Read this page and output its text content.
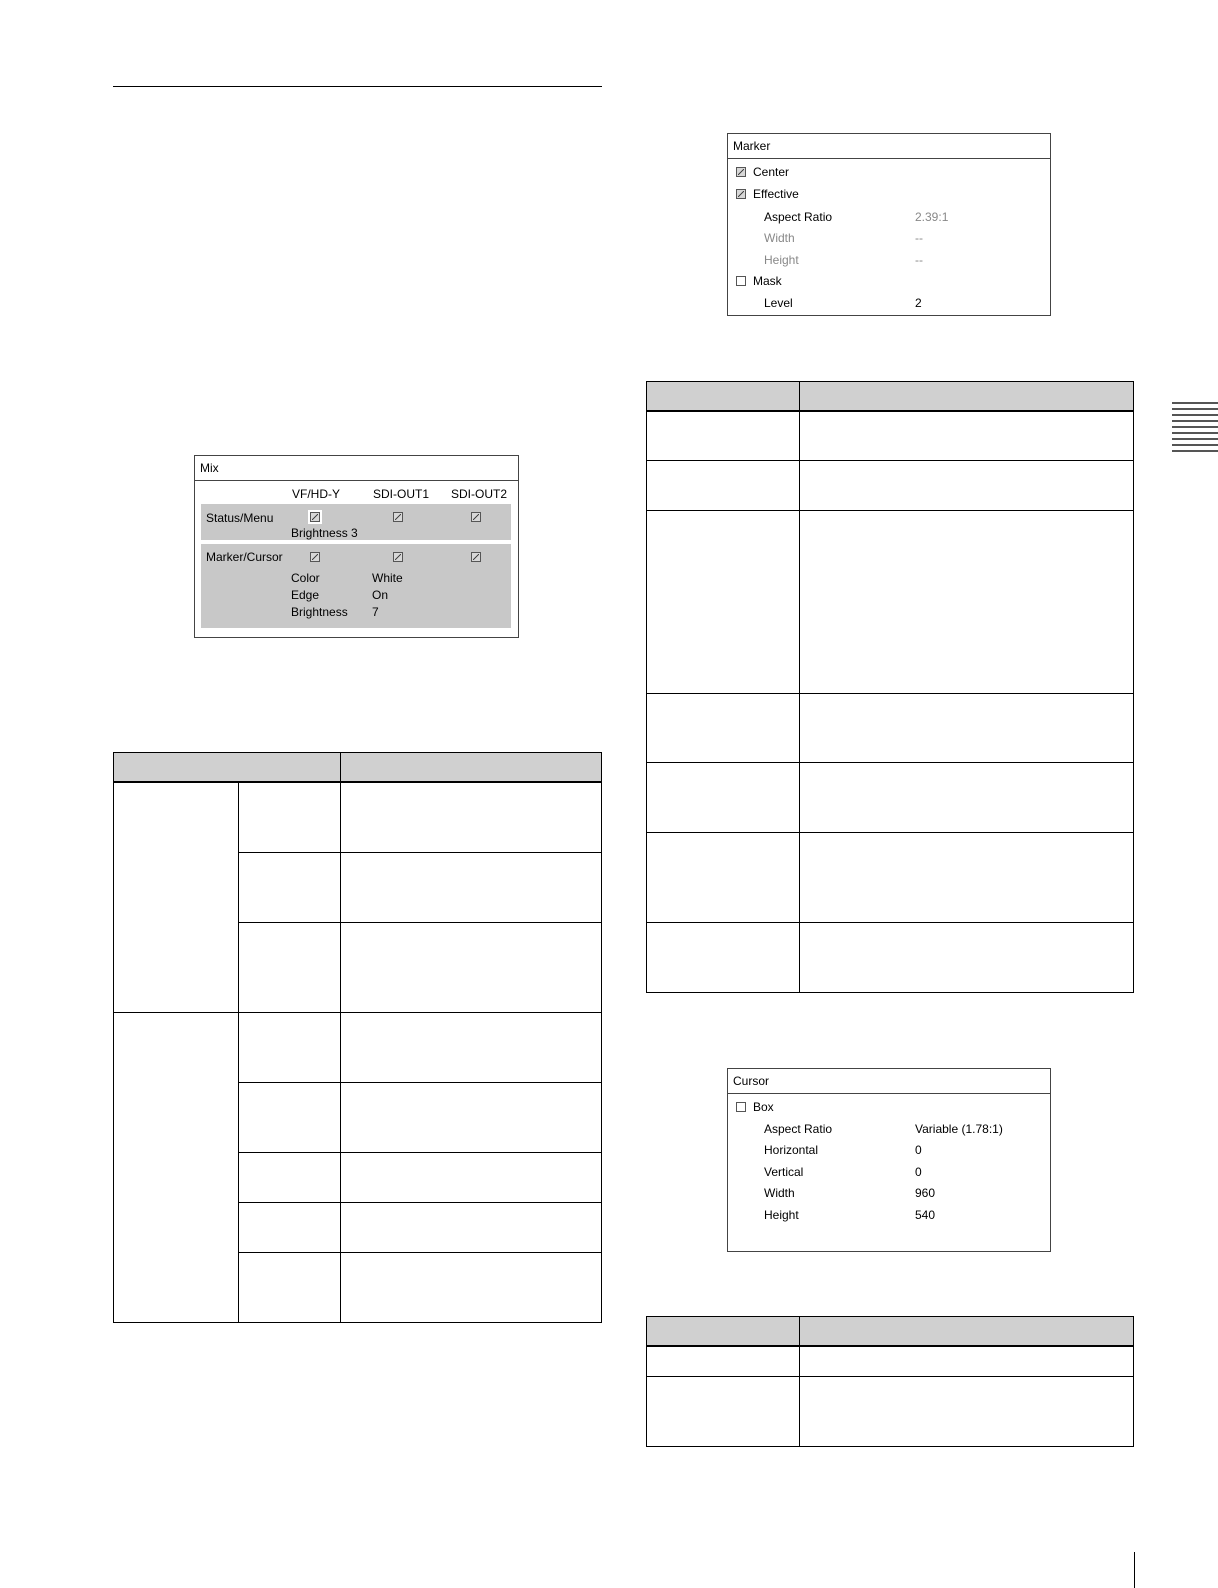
Mix
VF/HD-Y	SDI-OUT1 SDI-OUT2
Status/Menu
Brightness 3
Marker/Cursor
Color	White
Edge	On
Brightness 7
Marker
Center
Effective
Aspect Ratio	2.39:1
Width	--
Height	--
Mask
Level	2
Cursor
Box
Aspect Ratio	Variable (1.78:1)
Horizontal	0
Vertical	0
Width	960
Height	540
